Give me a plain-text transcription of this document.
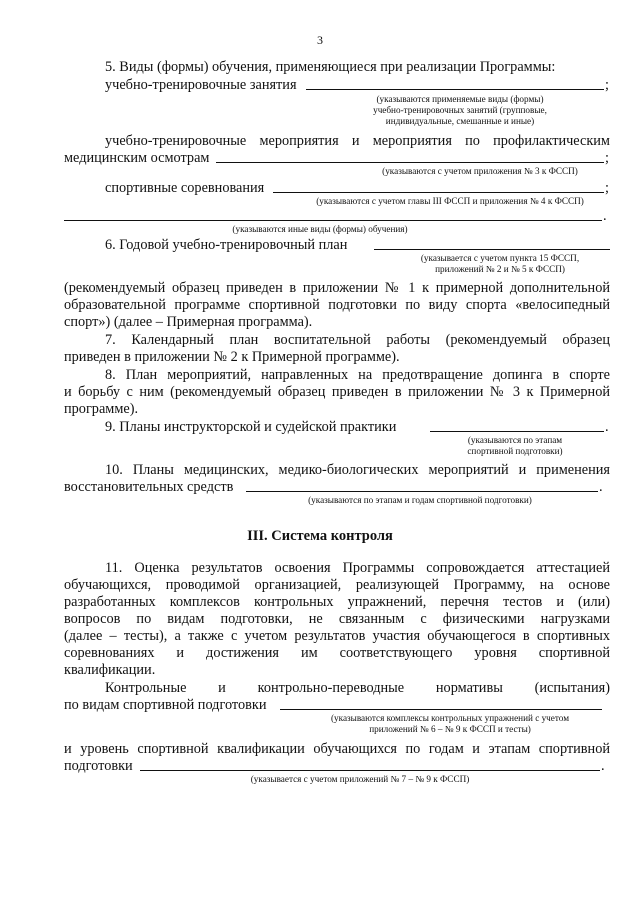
3
5. Виды (формы) обучения, применяющиеся при реализации Программы:
учебно-тренировочные занятия	;
(указываются применяемые виды (формы)
учебно-тренировочных занятий (групповые,
индивидуальные, смешанные и иные)
учебно-тренировочные мероприятия и мероприятия по профилактическим
медицинским осмотрам	;
(указываются с учетом приложения № 3 к ФССП)
спортивные соревнования	;
(указываются с учетом главы III ФССП и приложения № 4 к ФССП)
.
(указываются иные виды (формы) обучения)
6. Годовой учебно-тренировочный план
(указывается с учетом пункта 15 ФССП,
приложений № 2 и № 5 к ФССП)
(рекомендуемый образец приведен в приложении № 1 к примерной дополнительной
образовательной программе спортивной подготовки по виду спорта «велосипедный
спорт») (далее – Примерная программа).
7. Календарный план воспитательной работы (рекомендуемый образец
приведен в приложении № 2 к Примерной программе).
8. План мероприятий, направленных на предотвращение допинга в спорте
и борьбу с ним (рекомендуемый образец приведен в приложении № 3 к Примерной
программе).
9. Планы инструкторской и судейской практики	.
(указываются по этапам
спортивной подготовки)
10. Планы медицинских, медико-биологических мероприятий и применения
восстановительных средств	.
(указываются по этапам и годам спортивной подготовки)
III. Система контроля
11. Оценка результатов освоения Программы сопровождается аттестацией
обучающихся, проводимой организацией, реализующей Программу, на основе
разработанных комплексов контрольных упражнений, перечня тестов и (или)
вопросов по видам подготовки, не связанным с физическими нагрузками
(далее – тесты), а также с учетом результатов участия обучающегося в спортивных
соревнованиях и достижения им соответствующего уровня спортивной
квалификации.
Контрольные и контрольно-переводные нормативы (испытания)
по видам спортивной подготовки
(указываются комплексы контрольных упражнений с учетом
приложений № 6 – № 9 к ФССП и тесты)
и уровень спортивной квалификации обучающихся по годам и этапам спортивной
подготовки	.
(указывается с учетом приложений № 7 – № 9 к ФССП)
